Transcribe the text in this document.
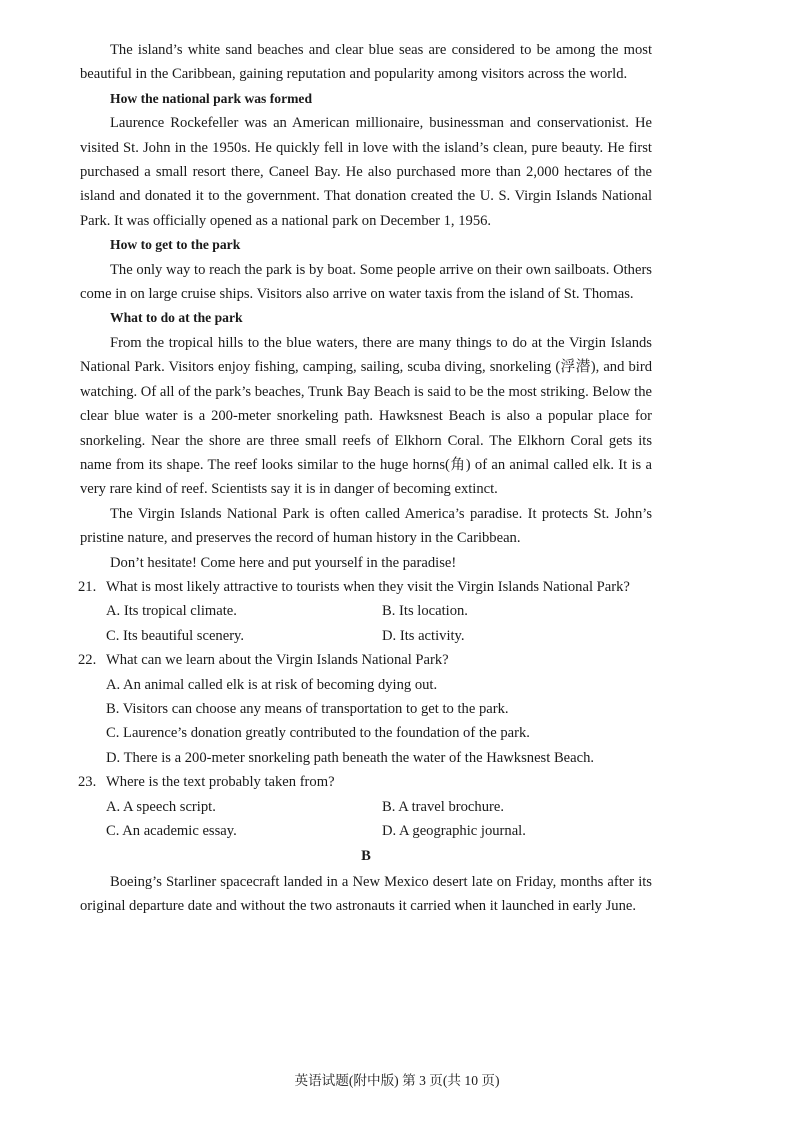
The island’s white sand beaches and clear blue seas are considered to be among the most beautiful in the Caribbean, gaining reputation and popularity among visitors across the world.

How the national park was formed

Laurence Rockefeller was an American millionaire, businessman and conservationist. He visited St. John in the 1950s. He quickly fell in love with the island’s clean, pure beauty. He first purchased a small resort there, Caneel Bay. He also purchased more than 2,000 hectares of the island and donated it to the government. That donation created the U. S. Virgin Islands National Park. It was officially opened as a national park on December 1, 1956.

How to get to the park

The only way to reach the park is by boat. Some people arrive on their own sailboats. Others come in on large cruise ships. Visitors also arrive on water taxis from the island of St. Thomas.

What to do at the park

From the tropical hills to the blue waters, there are many things to do at the Virgin Islands National Park. Visitors enjoy fishing, camping, sailing, scuba diving, snorkeling (浮潜), and bird watching. Of all of the park’s beaches, Trunk Bay Beach is said to be the most striking. Below the clear blue water is a 200-meter snorkeling path. Hawksnest Beach is also a popular place for snorkeling. Near the shore are three small reefs of Elkhorn Coral. The Elkhorn Coral gets its name from its shape. The reef looks similar to the huge horns(角) of an animal called elk. It is a very rare kind of reef. Scientists say it is in danger of becoming extinct.

The Virgin Islands National Park is often called America’s paradise. It protects St. John’s pristine nature, and preserves the record of human history in the Caribbean.

Don’t hesitate! Come here and put yourself in the paradise!

21. What is most likely attractive to tourists when they visit the Virgin Islands National Park?

A. Its tropical climate.	B. Its location.
C. Its beautiful scenery.	D. Its activity.

22. What can we learn about the Virgin Islands National Park?

A. An animal called elk is at risk of becoming dying out.

B. Visitors can choose any means of transportation to get to the park.

C. Laurence’s donation greatly contributed to the foundation of the park.

D. There is a 200-meter snorkeling path beneath the water of the Hawksnest Beach.

23. Where is the text probably taken from?

A. A speech script.	B. A travel brochure.
C. An academic essay.	D. A geographic journal.

B

Boeing’s Starliner spacecraft landed in a New Mexico desert late on Friday, months after its original departure date and without the two astronauts it carried when it launched in early June.

英语试题(附中版) 第 3 页(共 10 页)
